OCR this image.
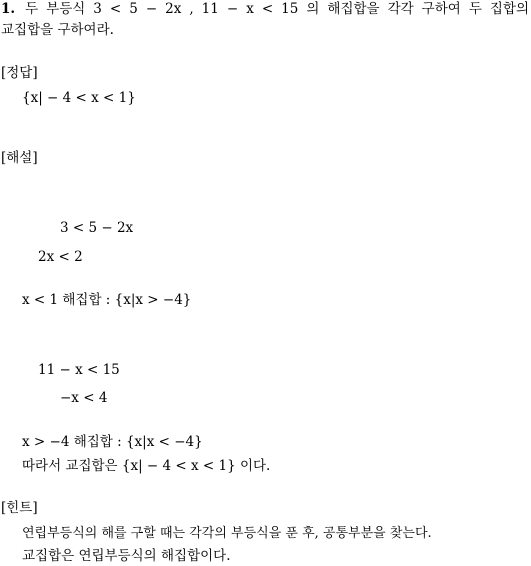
1. 두 부등식 3 < 5 − 2x , 11 − x < 15 의 해집합을 각각 구하여 두 집합의
교집합을 구하여라.
[정답]
{x| − 4 < x < 1}
[해설]
3 < 5 − 2x
2x < 2
x < 1 해집합 : {x|x > −4}
11 − x < 15
−x < 4
x > −4 해집합 : {x|x < −4}
따라서 교집합은 {x| − 4 < x < 1} 이다.
[힌트]
연립부등식의 해를 구할 때는 각각의 부등식을 푼 후, 공통부분을 찾는다.
교집합은 연립부등식의 해집합이다.
